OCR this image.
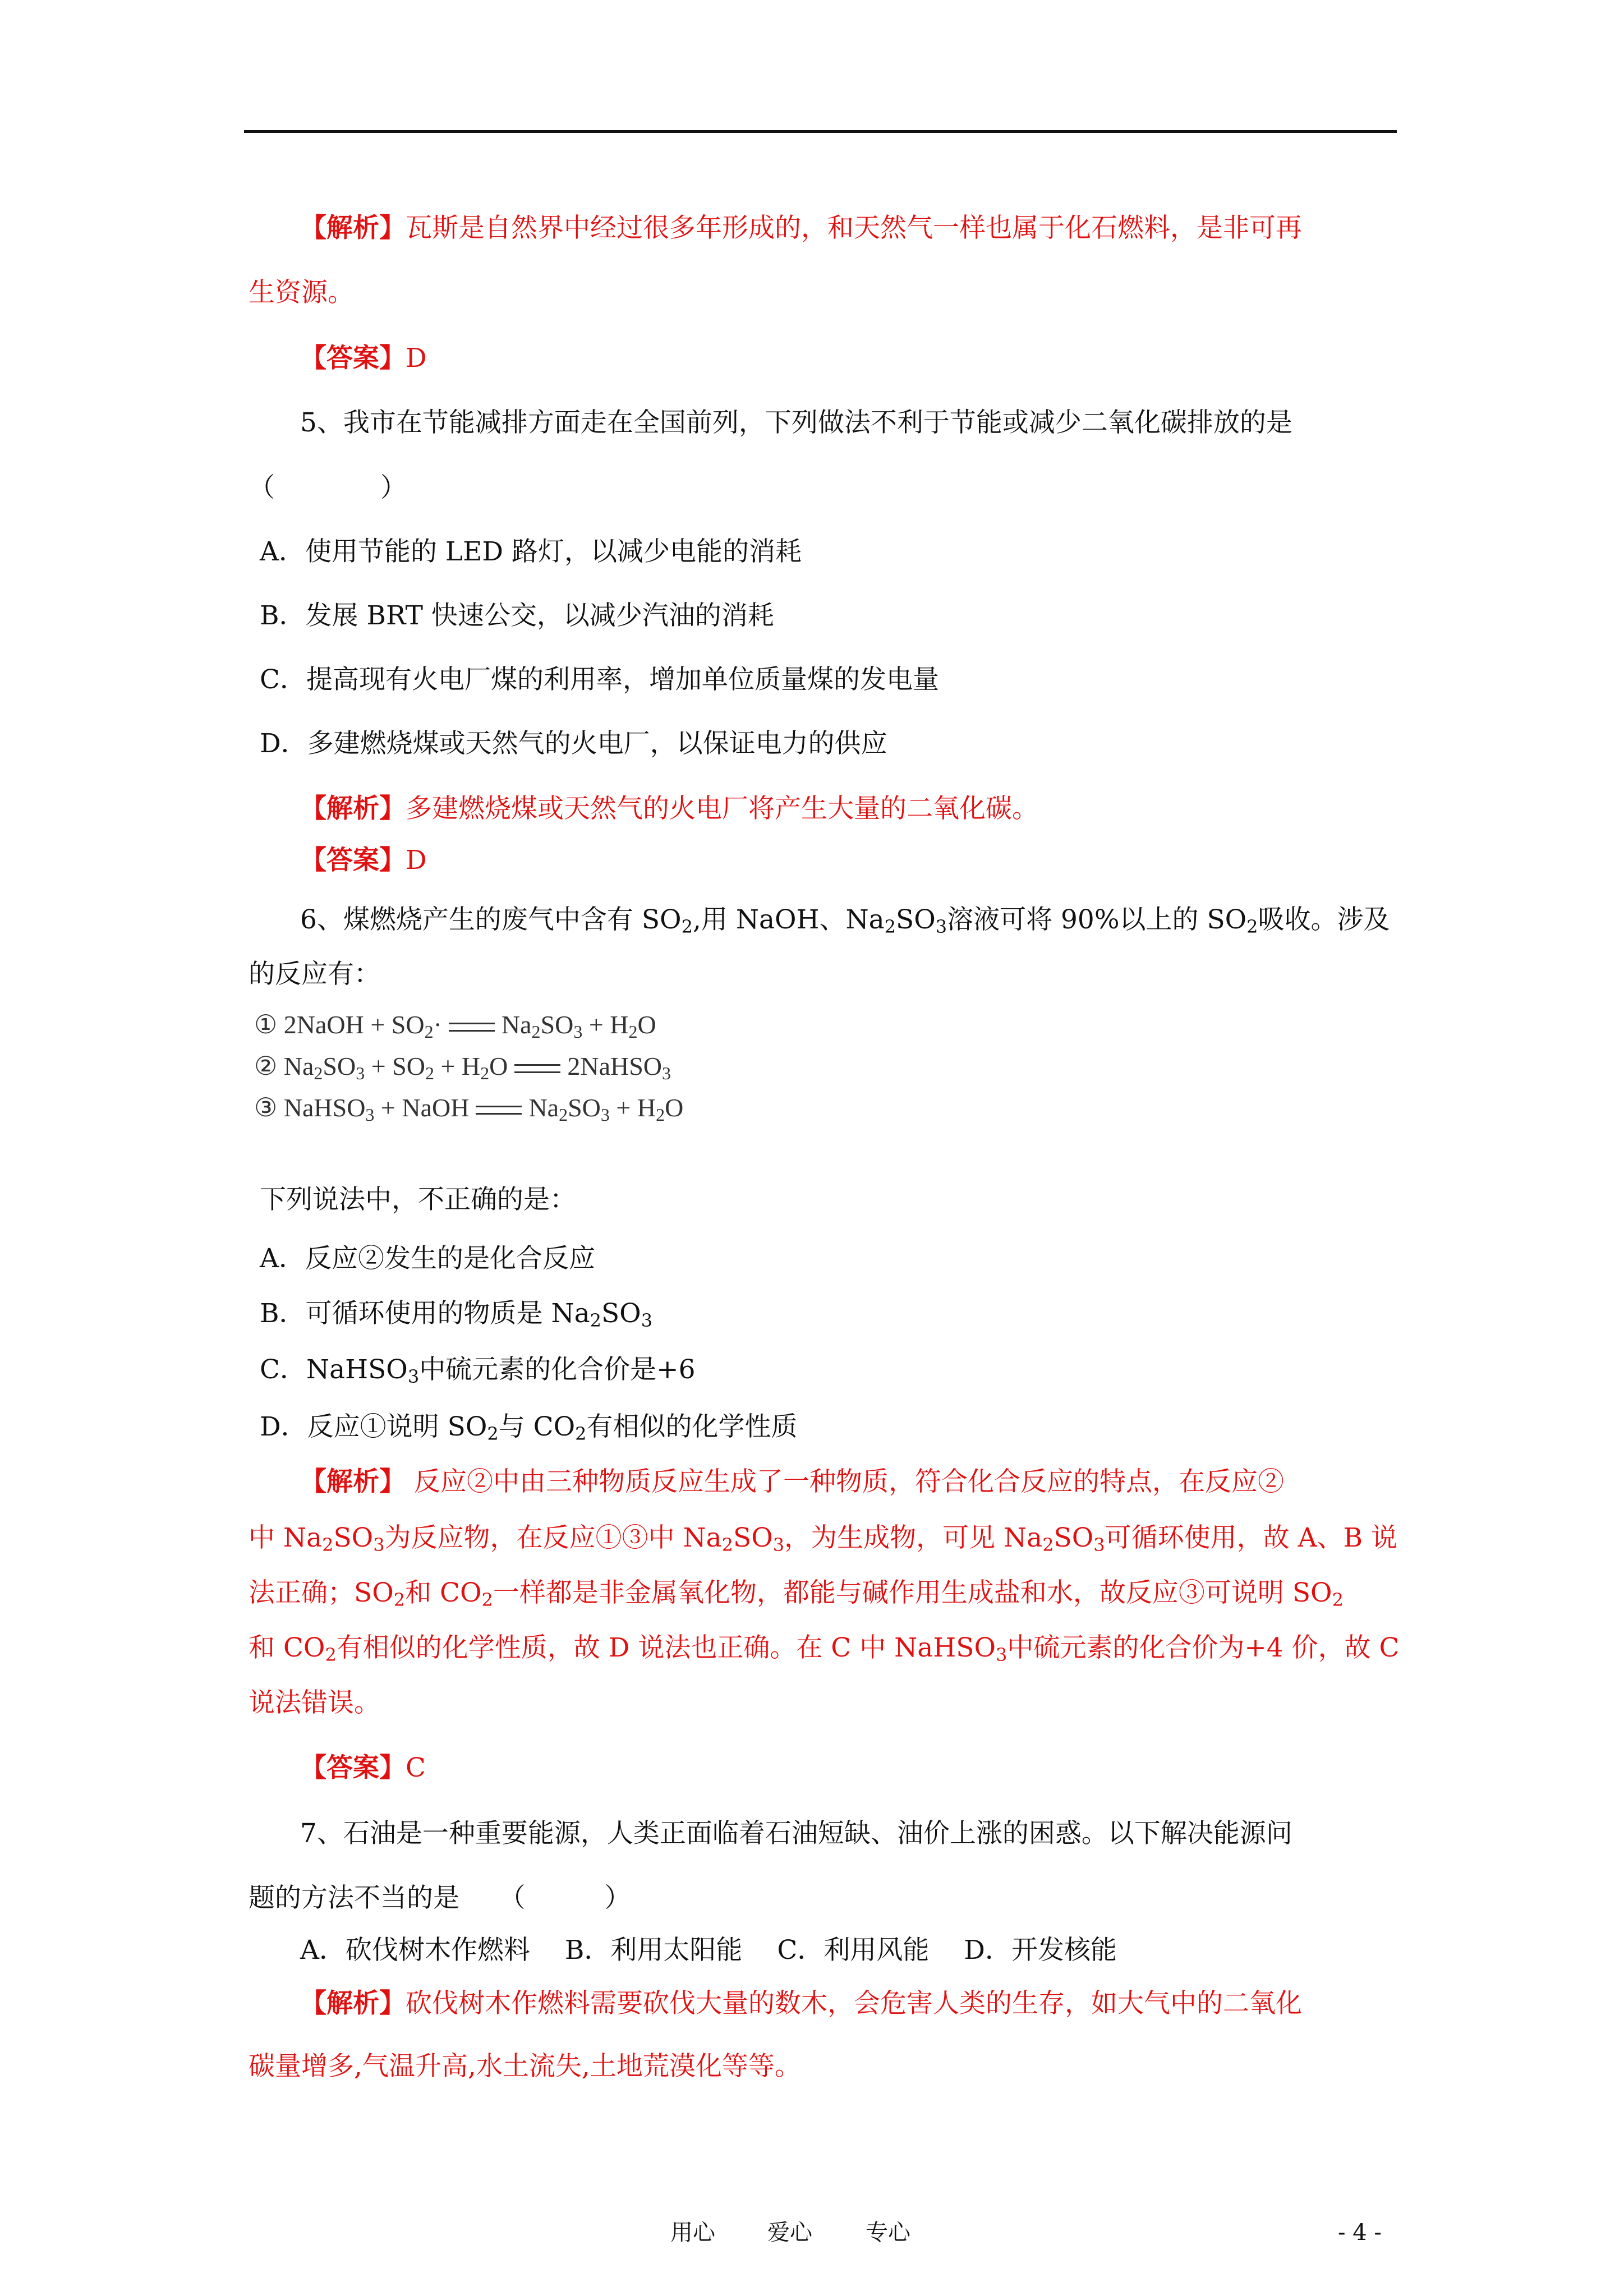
【解析】瓦斯是自然界中经过很多年形成的，和天然气一样也属于化石燃料，是非可再
生资源。
【答案】D
5、我市在节能减排方面走在全国前列，下列做法不利于节能或减少二氧化碳排放的是
（　　　　）
A．使用节能的 LED 路灯，以减少电能的消耗
B．发展 BRT 快速公交，以减少汽油的消耗
C．提高现有火电厂煤的利用率，增加单位质量煤的发电量
D．多建燃烧煤或天然气的火电厂，以保证电力的供应
【解析】多建燃烧煤或天然气的火电厂将产生大量的二氧化碳。
【答案】D
6、煤燃烧产生的废气中含有 $SO_2$,用 NaOH、$Na_2SO_3$溶液可将 90%以上的 $SO_2$吸收。涉及
的反应有：
① 2NaOH + $SO_2\cdot Na_2SO_3 + H_2O$
② $Na_2SO_3 + SO_2 + H_2O$ 2NaHSO$_3$
③ NaHSO$_3$ + NaOH $Na_2SO_3 + H_2O$
下列说法中，不正确的是：
A．反应②发生的是化合反应
B．可循环使用的物质是 $Na_2SO_3$
C．NaHSO$_3$中硫元素的化合价是+6
D．反应①说明 $SO_2$与 $CO_2$有相似的化学性质
【解析】 反应②中由三种物质反应生成了一种物质，符合化合反应的特点，在反应②
中 $Na_2SO_3$为反应物，在反应①③中 $Na_2SO_3$，为生成物，可见 $Na_2SO_3$可循环使用，故 A、B 说
法正确；$SO_2$和 $CO_2$一样都是非金属氧化物，都能与碱作用生成盐和水，故反应③可说明 $SO_2$
和 $CO_2$有相似的化学性质，故 D 说法也正确。在 C 中 NaHSO$_3$中硫元素的化合价为+4 价，故 C
说法错误。
【答案】C
7、石油是一种重要能源，人类正面临着石油短缺、油价上涨的困惑。以下解决能源问
题的方法不当的是　　（　　　）
A．砍伐树木作燃料　 B．利用太阳能　 C．利用风能　 D．开发核能
【解析】砍伐树木作燃料需要砍伐大量的数木，会危害人类的生存，如大气中的二氧化
碳量增多,气温升高,水土流失,土地荒漠化等等。
用心 爱心 专心	- 4 -
